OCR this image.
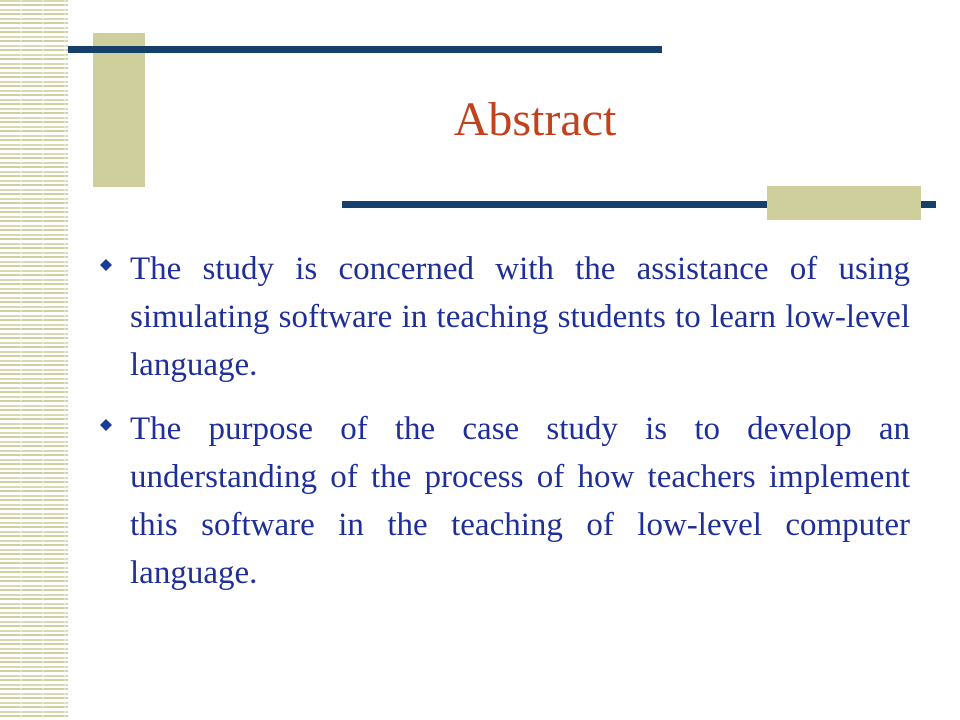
Abstract

The study is concerned with the assistance of using simulating software in teaching students to learn low-level language.

The purpose of the case study is to develop an understanding of the process of how teachers implement this software in the teaching of low-level computer language.
